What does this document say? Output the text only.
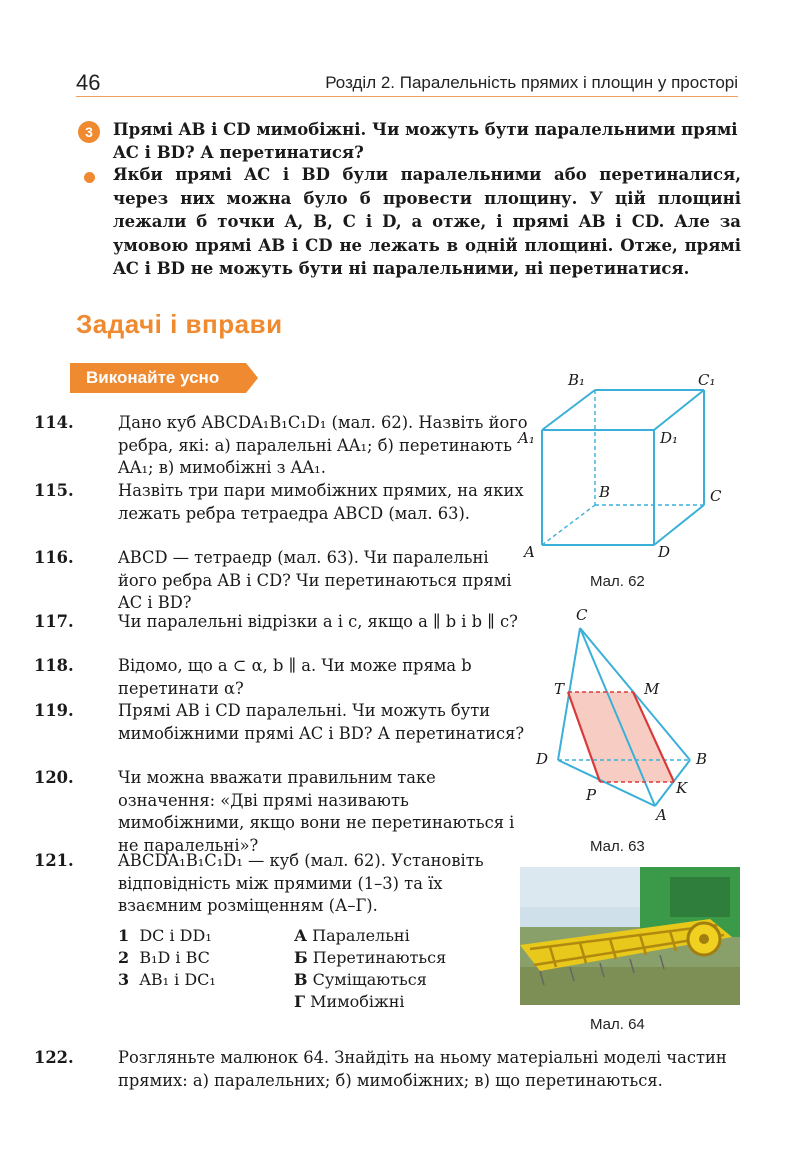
46	Розділ 2. Паралельність прямих і площин у просторі
3	Прямі AB і CD мимобіжні. Чи можуть бути паралельними прямі AC і BD? А перетинатися?
Якби прямі AC і BD були паралельними або перетиналися, через них можна було б провести площину. У цій площині лежали б точки A, B, C і D, а отже, і прямі AB і CD. Але за умовою прямі AB і CD не лежать в одній площині. Отже, прямі AC і BD не можуть бути ні паралельними, ні перетинатися.
Задачі і вправи
Виконайте усно
114.	Дано куб ABCDA₁B₁C₁D₁ (мал. 62). Назвіть його ребра, які: а) паралельні AA₁; б) перетинають AA₁; в) мимобіжні з AA₁.
115.	Назвіть три пари мимобіжних прямих, на яких лежать ребра тетраедра ABCD (мал. 63).
116.	ABCD — тетраедр (мал. 63). Чи паралельні його ребра AB і CD? Чи перетинаються прямі AC і BD?
117.	Чи паралельні відрізки a і c, якщо a ∥ b і b ∥ c?
118.	Відомо, що a ⊂ α, b ∥ a. Чи може пряма b перетинати α?
119.	Прямі AB і CD паралельні. Чи можуть бути мимобіжними прямі AC і BD? А перетинатися?
120.	Чи можна вважати правильним таке означення: «Дві прямі називають мимобіжними, якщо вони не перетинаються і не паралельні»?
121.	ABCDA₁B₁C₁D₁ — куб (мал. 62). Установіть відповідність між прямими (1–3) та їх взаємним розміщенням (А–Г).
1 DC і DD₁
2 B₁D і BC
3 AB₁ і DC₁
А Паралельні
Б Перетинаються
В Суміщаються
Г Мимобіжні
A
B	C
D
A₁
B₁	C₁
D₁
Мал. 62
C
D	B
A
T	M
P	K
Мал. 63
Мал. 64
122.	Розгляньте малюнок 64. Знайдіть на ньому матеріальні моделі частин прямих: а) паралельних; б) мимобіжних; в) що перетинаються.
